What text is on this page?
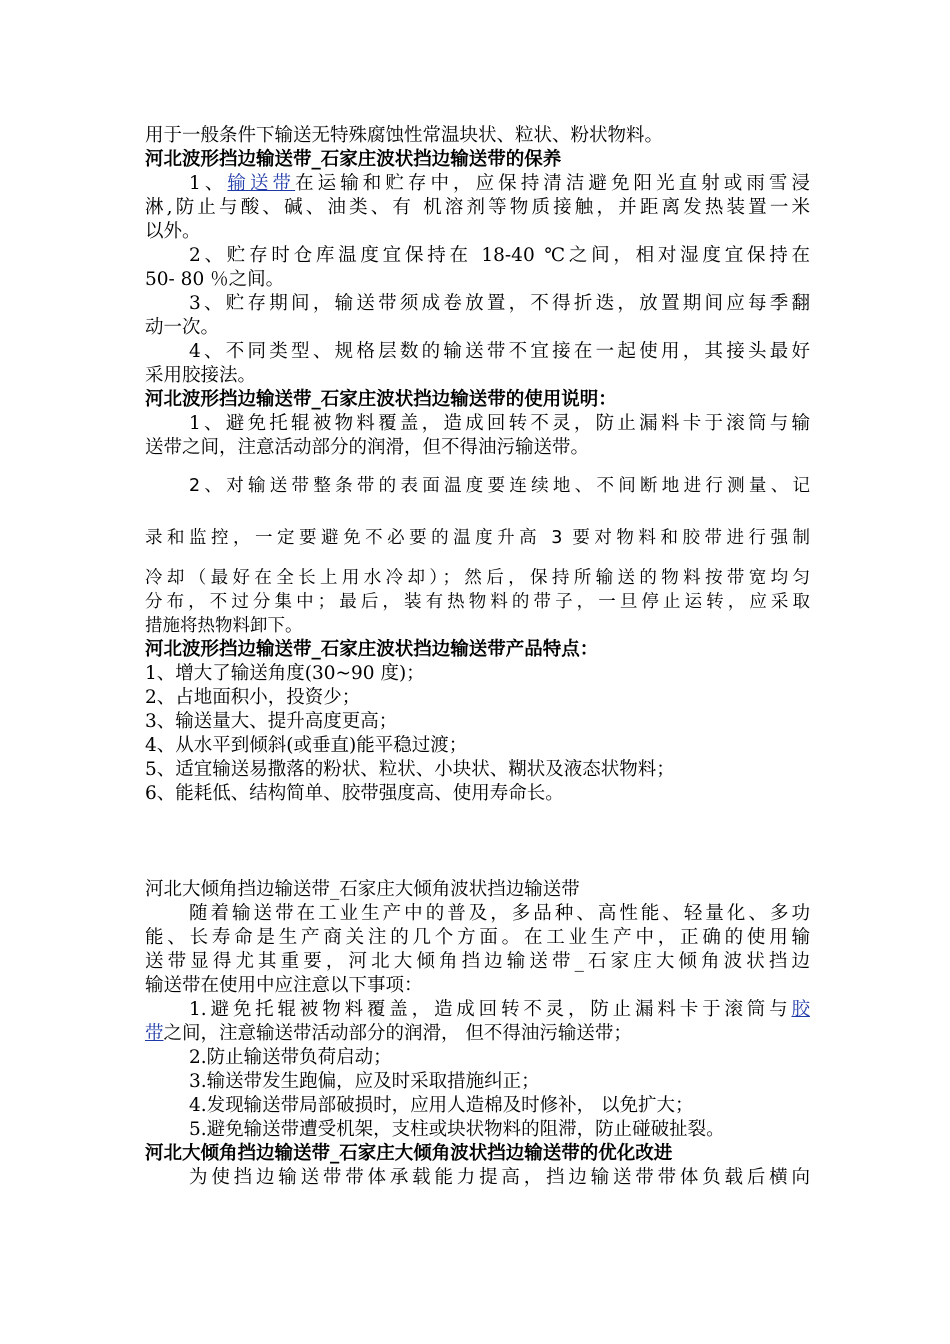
用于一般条件下输送无特殊腐蚀性常温块状、粒状、粉状物料。
河北波形挡边输送带_石家庄波状挡边输送带的保养
1、输送带在运输和贮存中，应保持清洁避免阳光直射或雨雪浸
淋,防止与酸、碱、油类、有 机溶剂等物质接触，并距离发热装置一米
以外。
2、贮存时仓库温度宜保持在 18-40 ℃之间，相对湿度宜保持在
50- 80 ％之间。
3、贮存期间，输送带须成卷放置，不得折迭，放置期间应每季翻
动一次。
4、不同类型、规格层数的输送带不宜接在一起使用，其接头最好
采用胶接法。
河北波形挡边输送带_石家庄波状挡边输送带的使用说明：
1、避免托辊被物料覆盖，造成回转不灵，防止漏料卡于滚筒与输
送带之间，注意活动部分的润滑，但不得油污输送带。
2、对输送带整条带的表面温度要连续地、不间断地进行测量、记
录和监控，一定要避免不必要的温度升高 3 要对物料和胶带进行强制
冷却（最好在全长上用水冷却）；然后，保持所输送的物料按带宽均匀
分布，不过分集中；最后，装有热物料的带子，一旦停止运转，应采取
措施将热物料卸下。
河北波形挡边输送带_石家庄波状挡边输送带产品特点：
1、增大了输送角度(30~90 度)；
2、占地面积小，投资少；
3、输送量大、提升高度更高；
4、从水平到倾斜(或垂直)能平稳过渡；
5、适宜输送易撒落的粉状、粒状、小块状、糊状及液态状物料；
6、能耗低、结构简单、胶带强度高、使用寿命长。
河北大倾角挡边输送带_石家庄大倾角波状挡边输送带
随着输送带在工业生产中的普及，多品种、高性能、轻量化、多功
能、长寿命是生产商关注的几个方面。在工业生产中，正确的使用输
送带显得尤其重要，河北大倾角挡边输送带_石家庄大倾角波状挡边
输送带在使用中应注意以下事项：
1.避免托辊被物料覆盖，造成回转不灵，防止漏料卡于滚筒与胶
带之间，注意输送带活动部分的润滑， 但不得油污输送带；
2.防止输送带负荷启动；
3.输送带发生跑偏，应及时采取措施纠正；
4.发现输送带局部破损时，应用人造棉及时修补， 以免扩大；
5.避免输送带遭受机架，支柱或块状物料的阻滞，防止碰破扯裂。
河北大倾角挡边输送带_石家庄大倾角波状挡边输送带的优化改进
为使挡边输送带带体承载能力提高，挡边输送带带体负载后横向
